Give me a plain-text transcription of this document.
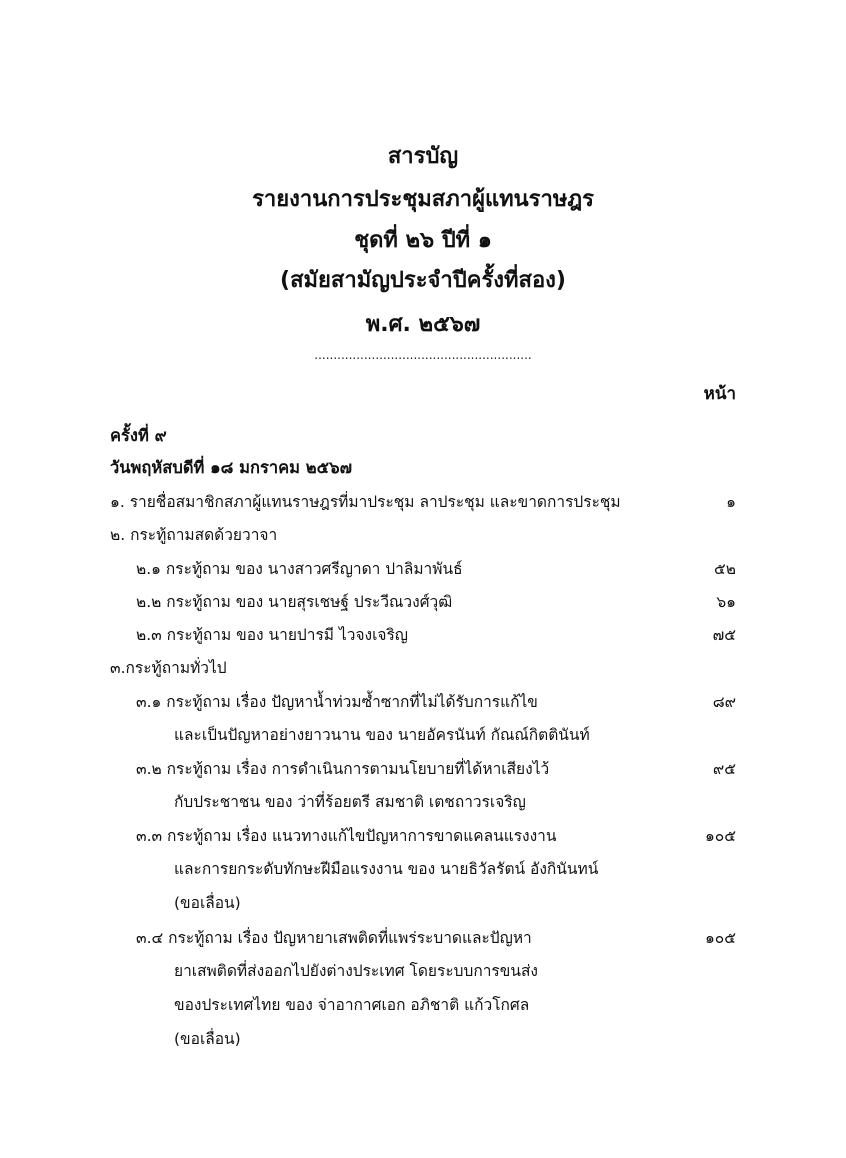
สารบัญ
รายงานการประชุมสภาผู้แทนราษฎร
ชุดที่ ๒๖ ปีที่ ๑
(สมัยสามัญประจำปีครั้งที่สอง)
พ.ศ. ๒๕๖๗
.........................................................
หน้า
ครั้งที่ ๙
วันพฤหัสบดีที่ ๑๘ มกราคม ๒๕๖๗
๑. รายชื่อสมาชิกสภาผู้แทนราษฎรที่มาประชุม ลาประชุม และขาดการประชุม	๑
๒. กระทู้ถามสดด้วยวาจา
๒.๑ กระทู้ถาม ของ นางสาวศรีญาดา ปาลิมาพันธ์	๕๒
๒.๒ กระทู้ถาม ของ นายสุรเชษฐ์ ประวีณวงศ์วุฒิ	๖๑
๒.๓ กระทู้ถาม ของ นายปารมี ไวจงเจริญ	๗๕
๓.กระทู้ถามทั่วไป
๓.๑ กระทู้ถาม เรื่อง ปัญหาน้ำท่วมซ้ำซากที่ไม่ได้รับการแก้ไข	๘๙
และเป็นปัญหาอย่างยาวนาน ของ นายอัครนันท์ กัณณ์กิตตินันท์
๓.๒ กระทู้ถาม เรื่อง การดำเนินการตามนโยบายที่ได้หาเสียงไว้	๙๕
กับประชาชน ของ ว่าที่ร้อยตรี สมชาติ เตชถาวรเจริญ
๓.๓ กระทู้ถาม เรื่อง แนวทางแก้ไขปัญหาการขาดแคลนแรงงาน	๑๐๕
และการยกระดับทักษะฝีมือแรงงาน ของ นายธิวัลรัตน์ อังกินันทน์
(ขอเลื่อน)
๓.๔ กระทู้ถาม เรื่อง ปัญหายาเสพติดที่แพร่ระบาดและปัญหา	๑๐๕
ยาเสพติดที่ส่งออกไปยังต่างประเทศ โดยระบบการขนส่ง
ของประเทศไทย ของ จ่าอากาศเอก อภิชาติ แก้วโกศล
(ขอเลื่อน)
